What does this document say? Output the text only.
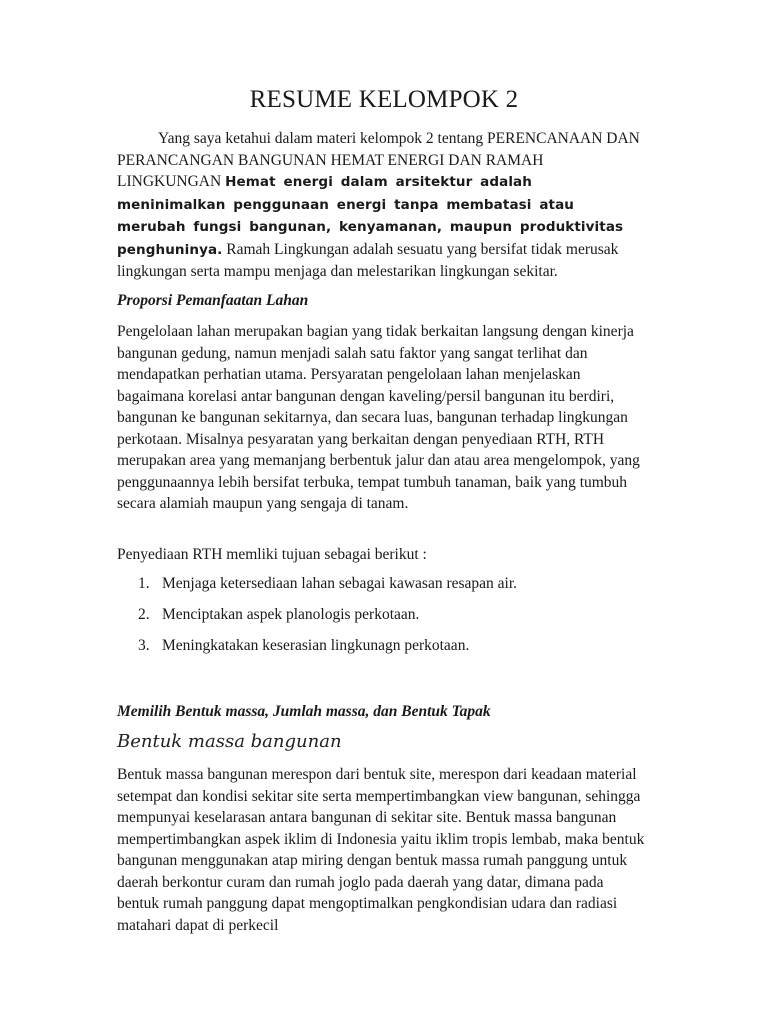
RESUME KELOMPOK 2

Yang saya ketahui dalam materi kelompok 2 tentang PERENCANAAN DAN PERANCANGAN BANGUNAN HEMAT ENERGI DAN RAMAH LINGKUNGAN Hemat energi dalam arsitektur adalah meninimalkan penggunaan energi tanpa membatasi atau merubah fungsi bangunan, kenyamanan, maupun produktivitas penghuninya. Ramah Lingkungan adalah sesuatu yang bersifat tidak merusak lingkungan serta mampu menjaga dan melestarikan lingkungan sekitar.

Proporsi Pemanfaatan Lahan

Pengelolaan lahan merupakan bagian yang tidak berkaitan langsung dengan kinerja bangunan gedung, namun menjadi salah satu faktor yang sangat terlihat dan mendapatkan perhatian utama. Persyaratan pengelolaan lahan menjelaskan bagaimana korelasi antar bangunan dengan kaveling/persil bangunan itu berdiri, bangunan ke bangunan sekitarnya, dan secara luas, bangunan terhadap lingkungan perkotaan. Misalnya pesyaratan yang berkaitan dengan penyediaan RTH, RTH merupakan area yang memanjang berbentuk jalur dan atau area mengelompok, yang penggunaannya lebih bersifat terbuka, tempat tumbuh tanaman, baik yang tumbuh secara alamiah maupun yang sengaja di tanam.

Penyediaan RTH memliki tujuan sebagai berikut :

1. Menjaga ketersediaan lahan sebagai kawasan resapan air.
2. Menciptakan aspek planologis perkotaan.
3. Meningkatakan keserasian lingkunagn perkotaan.

Memilih Bentuk massa, Jumlah massa, dan Bentuk Tapak

Bentuk massa bangunan

Bentuk massa bangunan merespon dari bentuk site, merespon dari keadaan material setempat dan kondisi sekitar site serta mempertimbangkan view bangunan, sehingga mempunyai keselarasan antara bangunan di sekitar site. Bentuk massa bangunan mempertimbangkan aspek iklim di Indonesia yaitu iklim tropis lembab, maka bentuk bangunan menggunakan atap miring dengan bentuk massa rumah panggung untuk daerah berkontur curam dan rumah joglo pada daerah yang datar, dimana pada bentuk rumah panggung dapat mengoptimalkan pengkondisian udara dan radiasi matahari dapat di perkecil
